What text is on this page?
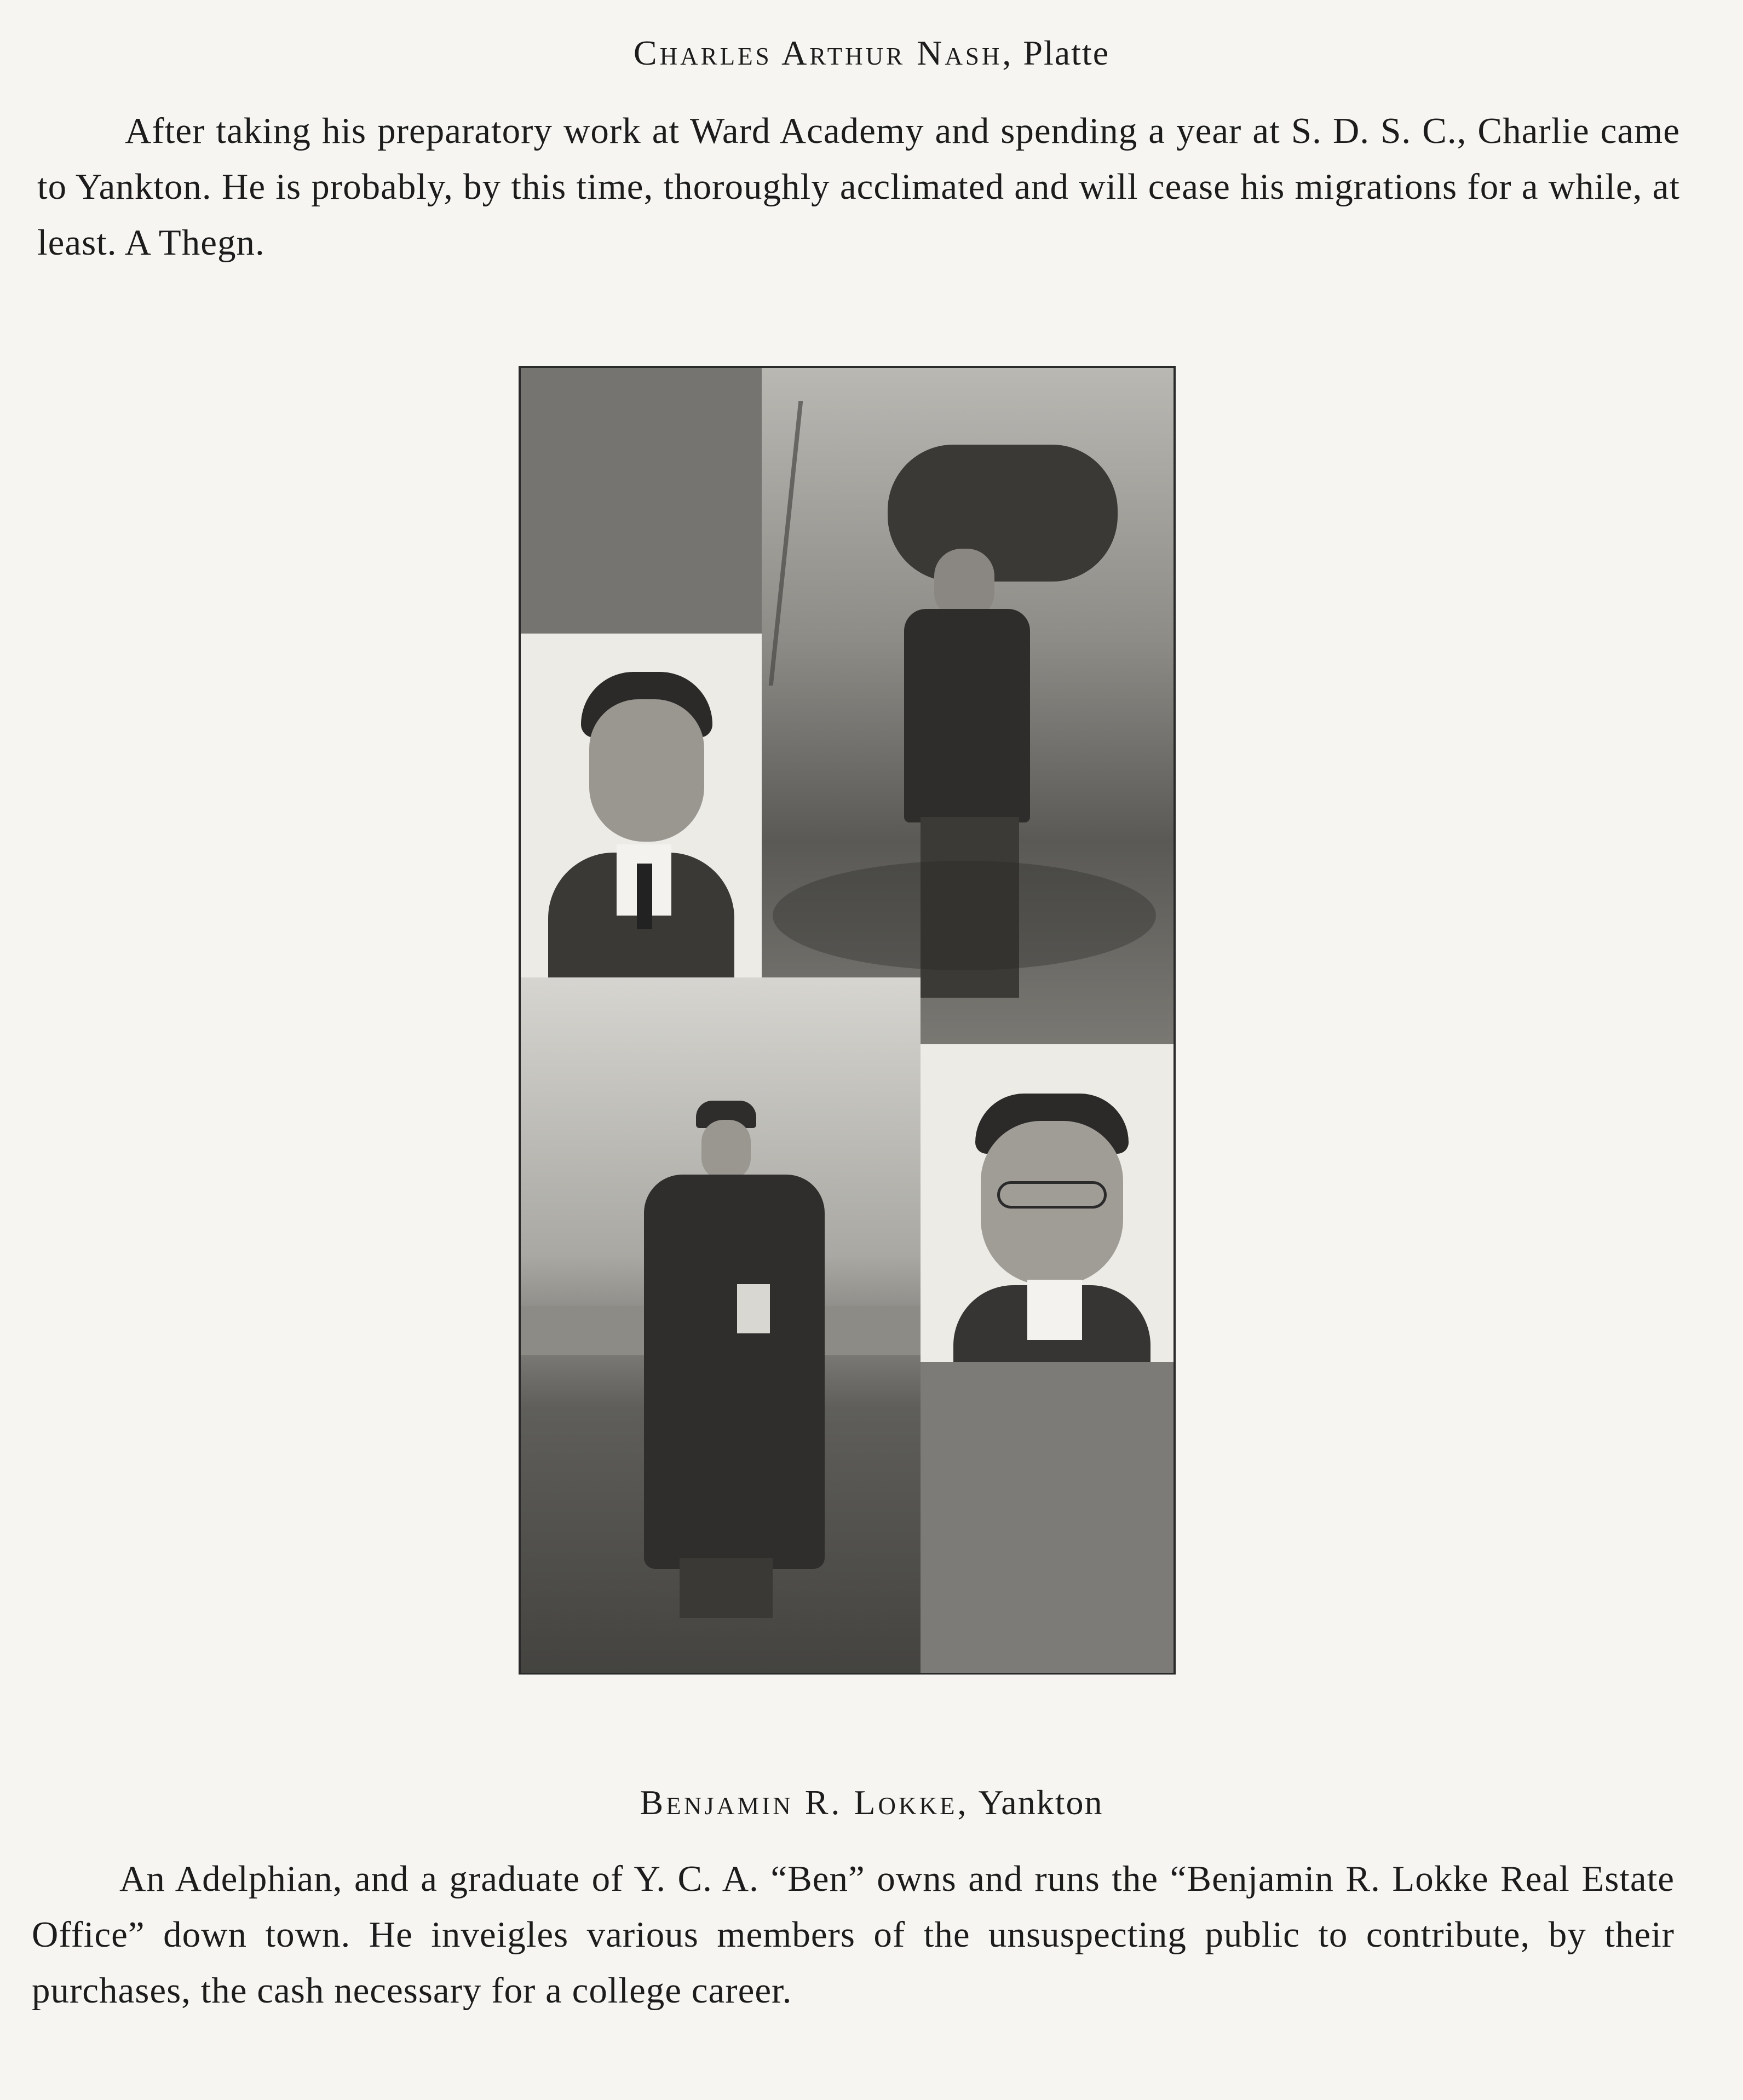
Charles Arthur Nash, Platte
After taking his preparatory work at Ward Academy and spending a year at S. D. S. C., Charlie came to Yankton. He is probably, by this time, thoroughly acclimated and will cease his migrations for a while, at least. A Thegn.
Benjamin R. Lokke, Yankton
An Adelphian, and a graduate of Y. C. A. “Ben” owns and runs the “Benjamin R. Lokke Real Estate Office” down town. He inveigles various members of the unsuspecting public to contribute, by their purchases, the cash necessary for a college career.
